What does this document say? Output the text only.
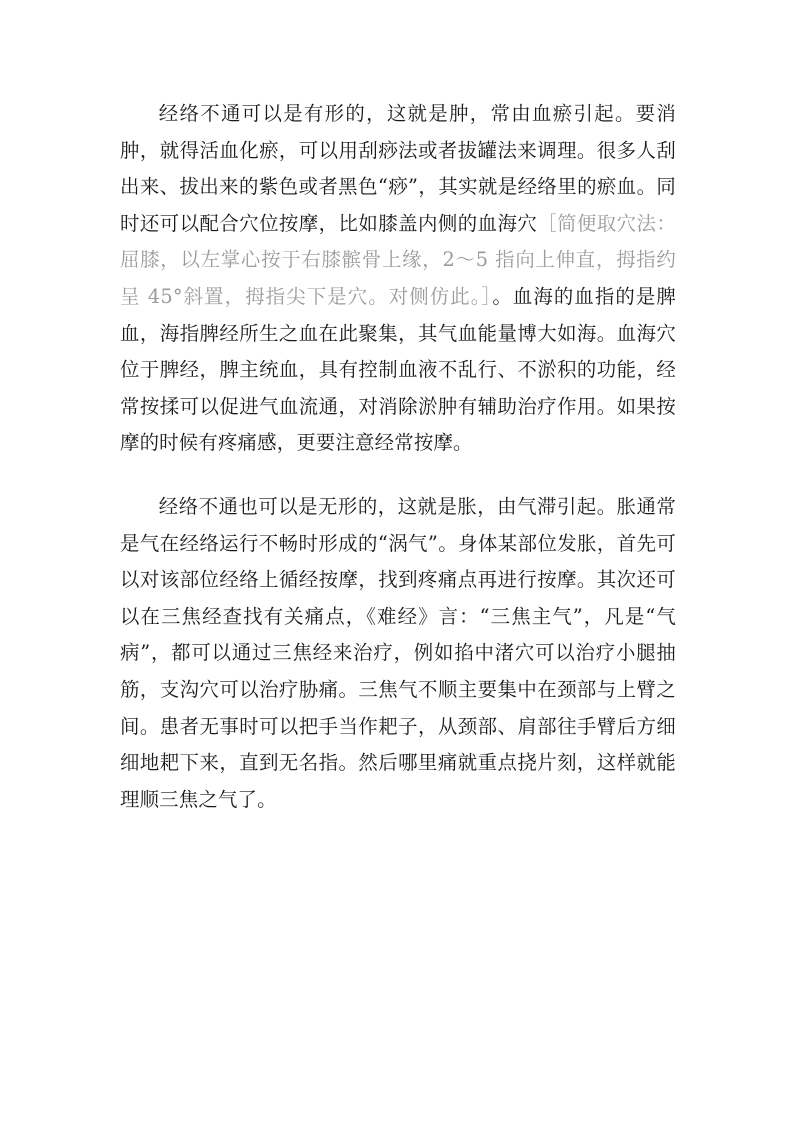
经络不通可以是有形的，这就是肿，常由血瘀引起。要消肿，就得活血化瘀，可以用刮痧法或者拔罐法来调理。很多人刮出来、拔出来的紫色或者黑色“痧”，其实就是经络里的瘀血。同时还可以配合穴位按摩，比如膝盖内侧的血海穴［简便取穴法：屈膝，以左掌心按于右膝髌骨上缘，2～5 指向上伸直，拇指约呈 45°斜置，拇指尖下是穴。对侧仿此。］。血海的血指的是脾血，海指脾经所生之血在此聚集，其气血能量博大如海。血海穴位于脾经，脾主统血，具有控制血液不乱行、不淤积的功能，经常按揉可以促进气血流通，对消除淤肿有辅助治疗作用。如果按摩的时候有疼痛感，更要注意经常按摩。

经络不通也可以是无形的，这就是胀，由气滞引起。胀通常是气在经络运行不畅时形成的“涡气”。身体某部位发胀，首先可以对该部位经络上循经按摩，找到疼痛点再进行按摩。其次还可以在三焦经查找有关痛点，《难经》言：“三焦主气”，凡是“气病”，都可以通过三焦经来治疗，例如掐中渚穴可以治疗小腿抽筋，支沟穴可以治疗胁痛。三焦气不顺主要集中在颈部与上臂之间。患者无事时可以把手当作耙子，从颈部、肩部往手臂后方细细地耙下来，直到无名指。然后哪里痛就重点挠片刻，这样就能理顺三焦之气了。
